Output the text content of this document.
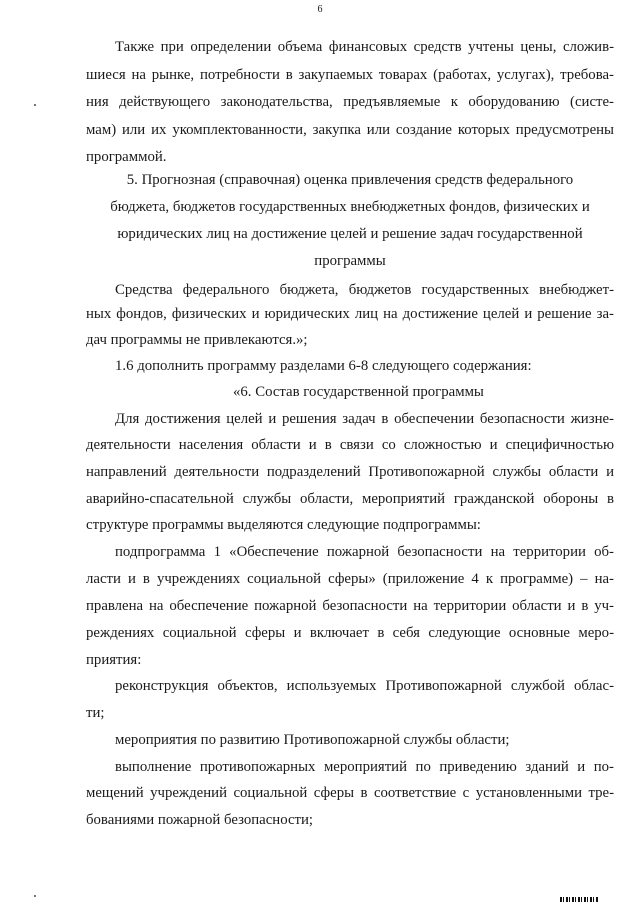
6
Также при определении объема финансовых средств учтены цены, сложив-
шиеся на рынке, потребности в закупаемых товарах (работах, услугах), требова-
ния действующего законодательства, предъявляемые к оборудованию (систе-
мам) или их укомплектованности, закупка или создание которых предусмотрены
программой.
5. Прогнозная (справочная) оценка привлечения средств федерального
бюджета, бюджетов государственных внебюджетных фондов, физических и
юридических лиц на достижение целей и решение задач государственной
программы
Средства федерального бюджета, бюджетов государственных внебюджет-
ных фондов, физических и юридических лиц на достижение целей и решение за-
дач программы не привлекаются.»;
1.6 дополнить программу разделами 6-8 следующего содержания:
«6. Состав государственной программы
Для достижения целей и решения задач в обеспечении безопасности жизне-
деятельности населения области и в связи со сложностью и специфичностью
направлений деятельности подразделений Противопожарной службы области и
аварийно-спасательной службы области, мероприятий гражданской обороны в
структуре программы выделяются следующие подпрограммы:
подпрограмма 1 «Обеспечение пожарной безопасности на территории об-
ласти и в учреждениях социальной сферы» (приложение 4 к программе) – на-
правлена на обеспечение пожарной безопасности на территории области и в уч-
реждениях социальной сферы и включает в себя следующие основные меро-
приятия:
реконструкция объектов, используемых Противопожарной службой облас-
ти;
мероприятия по развитию Противопожарной службы области;
выполнение противопожарных мероприятий по приведению зданий и по-
мещений учреждений социальной сферы в соответствие с установленными тре-
бованиями пожарной безопасности;
